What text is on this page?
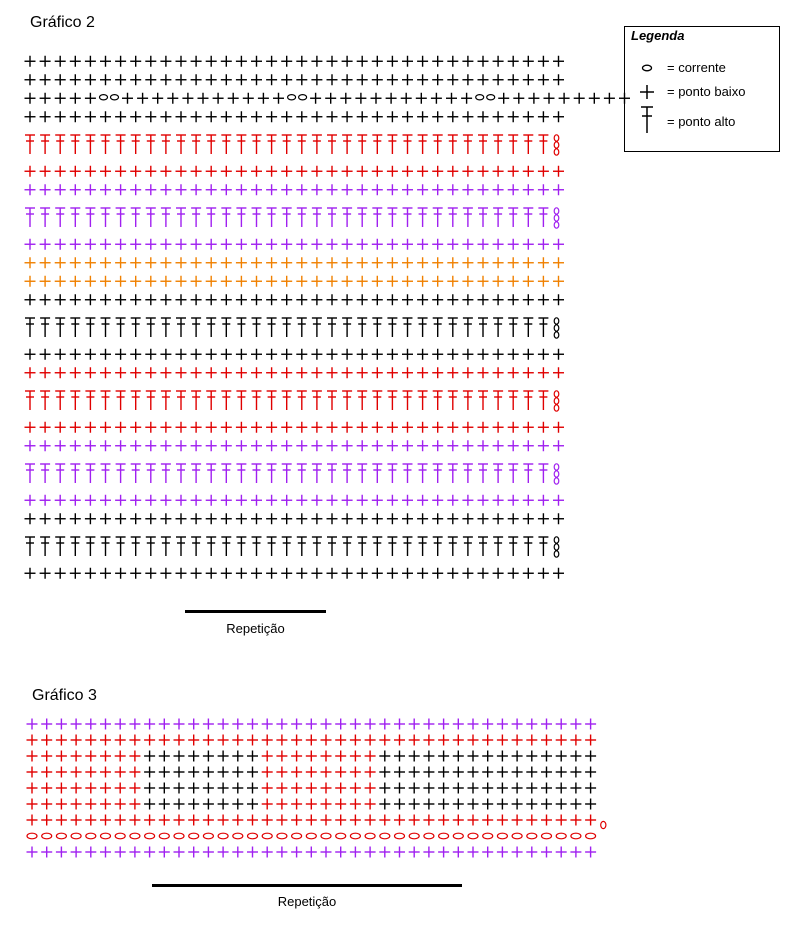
Gráfico 2
Repetição
Gráfico 3
Repetição
Legenda
= corrente
= ponto baixo
= ponto alto
